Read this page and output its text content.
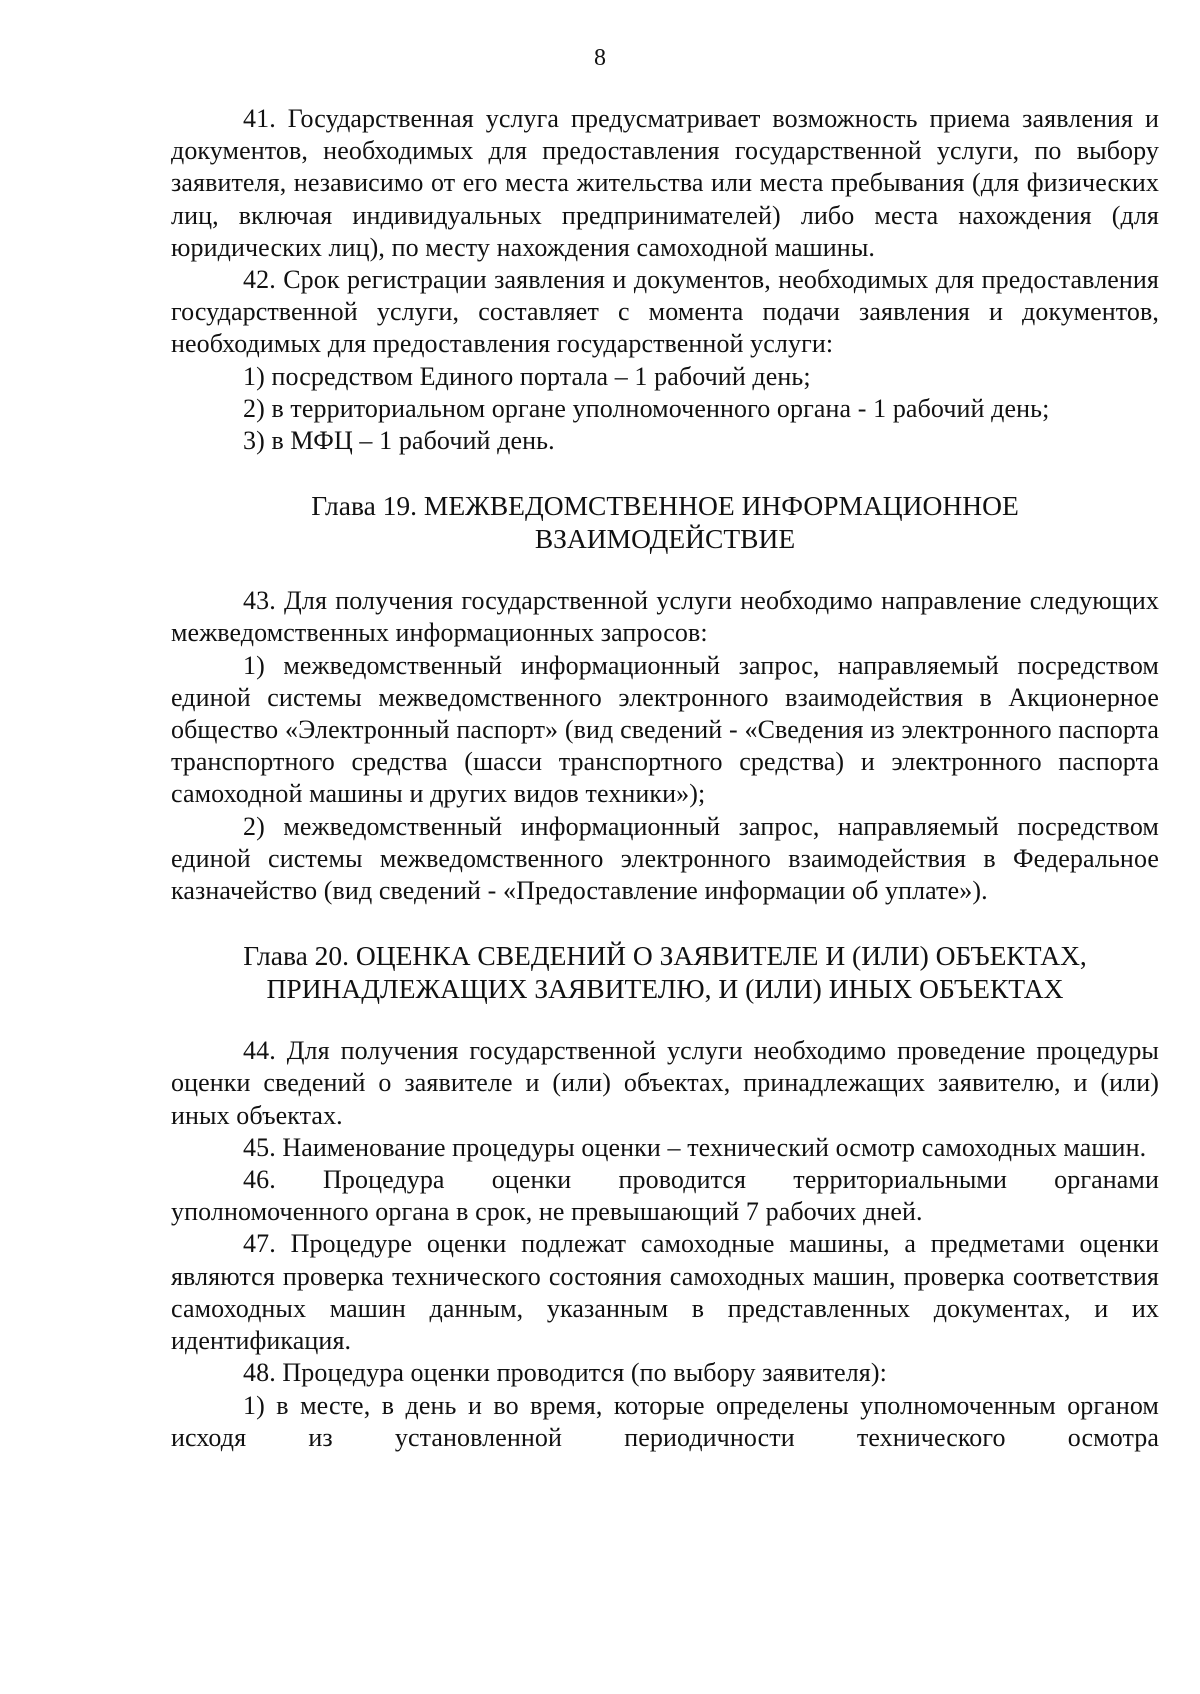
8

41. Государственная услуга предусматривает возможность приема заявления и документов, необходимых для предоставления государственной услуги, по выбору заявителя, независимо от его места жительства или места пребывания (для физических лиц, включая индивидуальных предпринимателей) либо места нахождения (для юридических лиц), по месту нахождения самоходной машины.

42. Срок регистрации заявления и документов, необходимых для предоставления государственной услуги, составляет с момента подачи заявления и документов, необходимых для предоставления государственной услуги:

1) посредством Единого портала – 1 рабочий день;

2) в территориальном органе уполномоченного органа - 1 рабочий день;

3) в МФЦ – 1 рабочий день.

Глава 19. МЕЖВЕДОМСТВЕННОЕ ИНФОРМАЦИОННОЕ

ВЗАИМОДЕЙСТВИЕ

43. Для получения государственной услуги необходимо направление следующих межведомственных информационных запросов:

1) межведомственный информационный запрос, направляемый посредством единой системы межведомственного электронного взаимодействия в Акционерное общество «Электронный паспорт» (вид сведений - «Сведения из электронного паспорта транспортного средства (шасси транспортного средства) и электронного паспорта самоходной машины и других видов техники»);

2) межведомственный информационный запрос, направляемый посредством единой системы межведомственного электронного взаимодействия в Федеральное казначейство (вид сведений - «Предоставление информации об уплате»).

Глава 20. ОЦЕНКА СВЕДЕНИЙ О ЗАЯВИТЕЛЕ И (ИЛИ) ОБЪЕКТАХ,

ПРИНАДЛЕЖАЩИХ ЗАЯВИТЕЛЮ, И (ИЛИ) ИНЫХ ОБЪЕКТАХ

44. Для получения государственной услуги необходимо проведение процедуры оценки сведений о заявителе и (или) объектах, принадлежащих заявителю, и (или) иных объектах.

45. Наименование процедуры оценки – технический осмотр самоходных машин.

46. Процедура оценки проводится территориальными органами уполномоченного органа в срок, не превышающий 7 рабочих дней.

47. Процедуре оценки подлежат самоходные машины, а предметами оценки являются проверка технического состояния самоходных машин, проверка соответствия самоходных машин данным, указанным в представленных документах, и их идентификация.

48. Процедура оценки проводится (по выбору заявителя):

1) в месте, в день и во время, которые определены уполномоченным органом исходя из установленной периодичности технического осмотра
